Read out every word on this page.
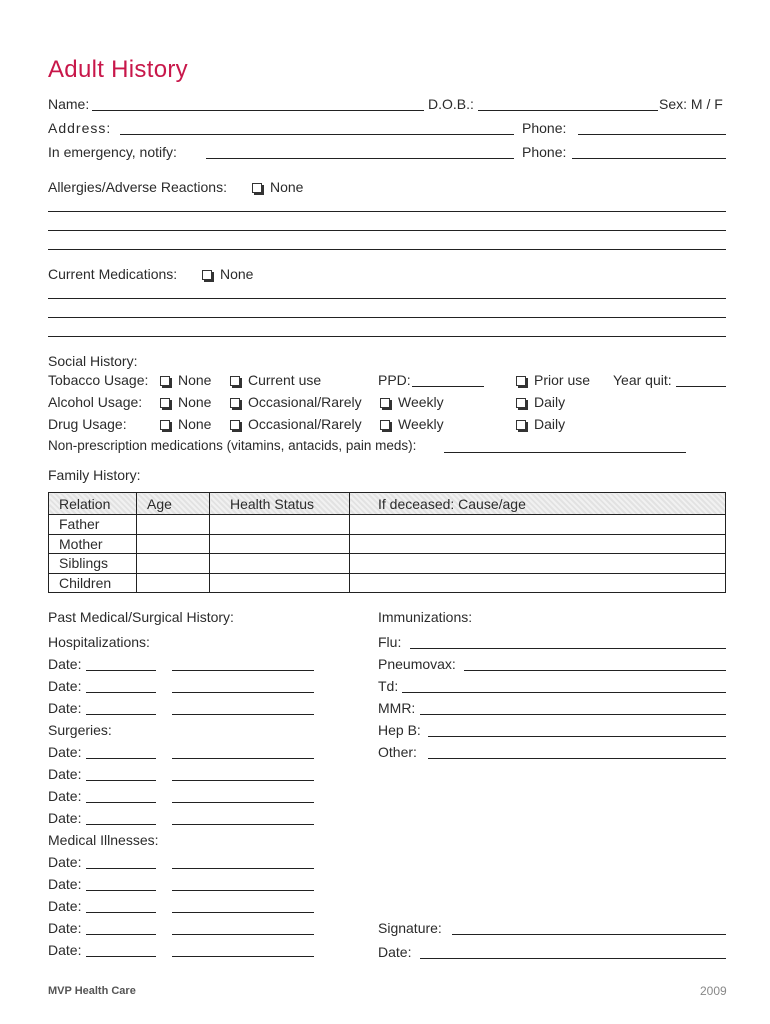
Adult History
Name:	D.O.B.:	Sex: M / F
Address:	Phone:
In emergency, notify:	Phone:
Allergies/Adverse Reactions:	None
Current Medications:	None
Social History:
Tobacco Usage:	None	Current use	PPD:	Prior use Year quit:
Alcohol Usage:	None	Occasional/Rarely	Weekly	Daily
Drug Usage:	None	Occasional/Rarely	Weekly	Daily
Non-prescription medications (vitamins, antacids, pain meds):
Family History:
Relation	Age	Health Status	If deceased: Cause/age
Father			
Mother			
Siblings			
Children			
Past Medical/Surgical History:
Hospitalizations:
Date:
Date:
Date:
Surgeries:
Date:
Date:
Date:
Date:
Medical Illnesses:
Date:
Date:
Date:
Date:
Date:
Immunizations:
Flu:
Pneumovax:
Td:
MMR:
Hep B:
Other:
Signature:
Date:
MVP Health Care	2009
